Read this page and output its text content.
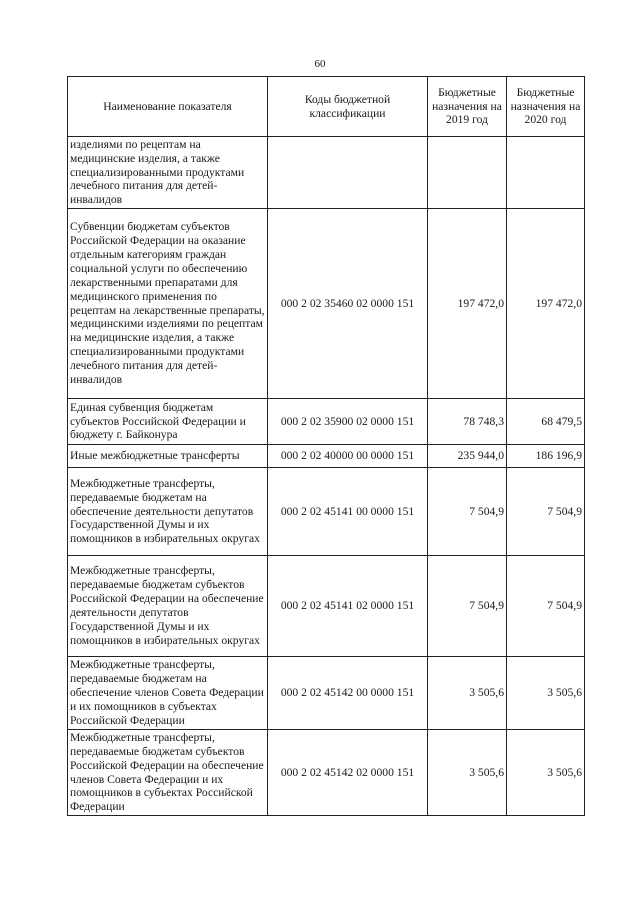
60
Наименование показателя	Коды бюджетной классификации	Бюджетные назначения на 2019 год	Бюджетные назначения на 2020 год
изделиями по рецептам на медицинские изделия, а также специализированными продуктами лечебного питания для детей-инвалидов			
Субвенции бюджетам субъектов Российской Федерации на оказание отдельным категориям граждан социальной услуги по обеспечению лекарственными препаратами для медицинского применения по рецептам на лекарственные препараты, медицинскими изделиями по рецептам на медицинские изделия, а также специализированными продуктами лечебного питания для детей-инвалидов	000 2 02 35460 02 0000 151	197 472,0	197 472,0
Единая субвенция бюджетам субъектов Российской Федерации и бюджету г. Байконура	000 2 02 35900 02 0000 151	78 748,3	68 479,5
Иные межбюджетные трансферты	000 2 02 40000 00 0000 151	235 944,0	186 196,9
Межбюджетные трансферты, передаваемые бюджетам на обеспечение деятельности депутатов Государственной Думы и их помощников в избирательных округах	000 2 02 45141 00 0000 151	7 504,9	7 504,9
Межбюджетные трансферты, передаваемые бюджетам субъектов Российской Федерации на обеспечение деятельности депутатов Государственной Думы и их помощников в избирательных округах	000 2 02 45141 02 0000 151	7 504,9	7 504,9
Межбюджетные трансферты, передаваемые бюджетам на обеспечение членов Совета Федерации и их помощников в субъектах Российской Федерации	000 2 02 45142 00 0000 151	3 505,6	3 505,6
Межбюджетные трансферты, передаваемые бюджетам субъектов Российской Федерации на обеспечение членов Совета Федерации и их помощников в субъектах Российской Федерации	000 2 02 45142 02 0000 151	3 505,6	3 505,6
